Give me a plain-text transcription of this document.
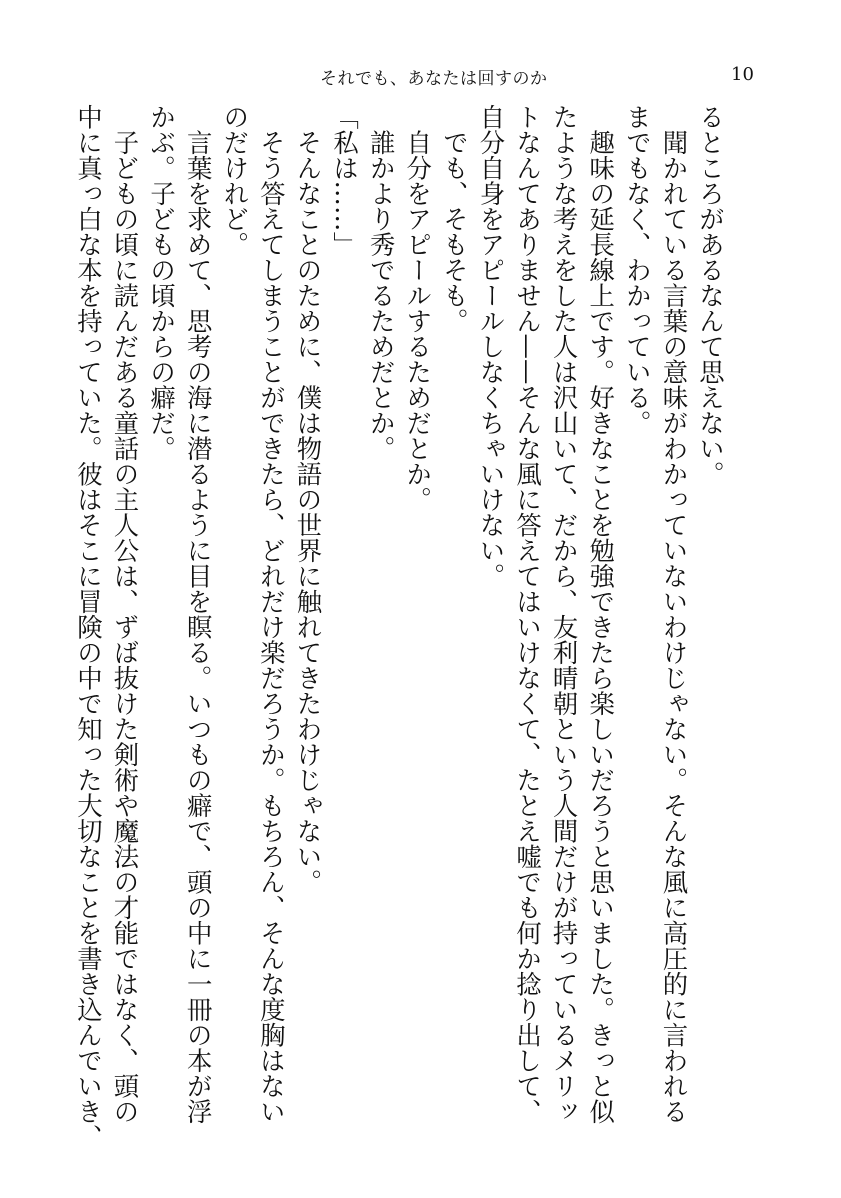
それでも、あなたは回すのか	10
るところがあるなんて思えない。
　聞かれている言葉の意味がわかっていないわけじゃない。そんな風に高圧的に言われる
までもなく、わかっている。
　趣味の延長線上です。好きなことを勉強できたら楽しいだろうと思いました。きっと似
たような考えをした人は沢山いて、だから、友利晴朝という人間だけが持っているメリッ
トなんてありません——そんな風に答えてはいけなくて、たとえ嘘でも何か捻り出して、
自分自身をアピールしなくちゃいけない。
　でも、そもそも。
　自分をアピールするためだとか。
　誰かより秀でるためだとか。
「私は……」
　そんなことのために、僕は物語の世界に触れてきたわけじゃない。
　そう答えてしまうことができたら、どれだけ楽だろうか。もちろん、そんな度胸はない
のだけれど。
　言葉を求めて、思考の海に潜るように目を瞑る。いつもの癖で、頭の中に一冊の本が浮
かぶ。子どもの頃からの癖だ。
　子どもの頃に読んだある童話の主人公は、ずば抜けた剣術や魔法の才能ではなく、頭の
中に真っ白な本を持っていた。彼はそこに冒険の中で知った大切なことを書き込んでいき、
